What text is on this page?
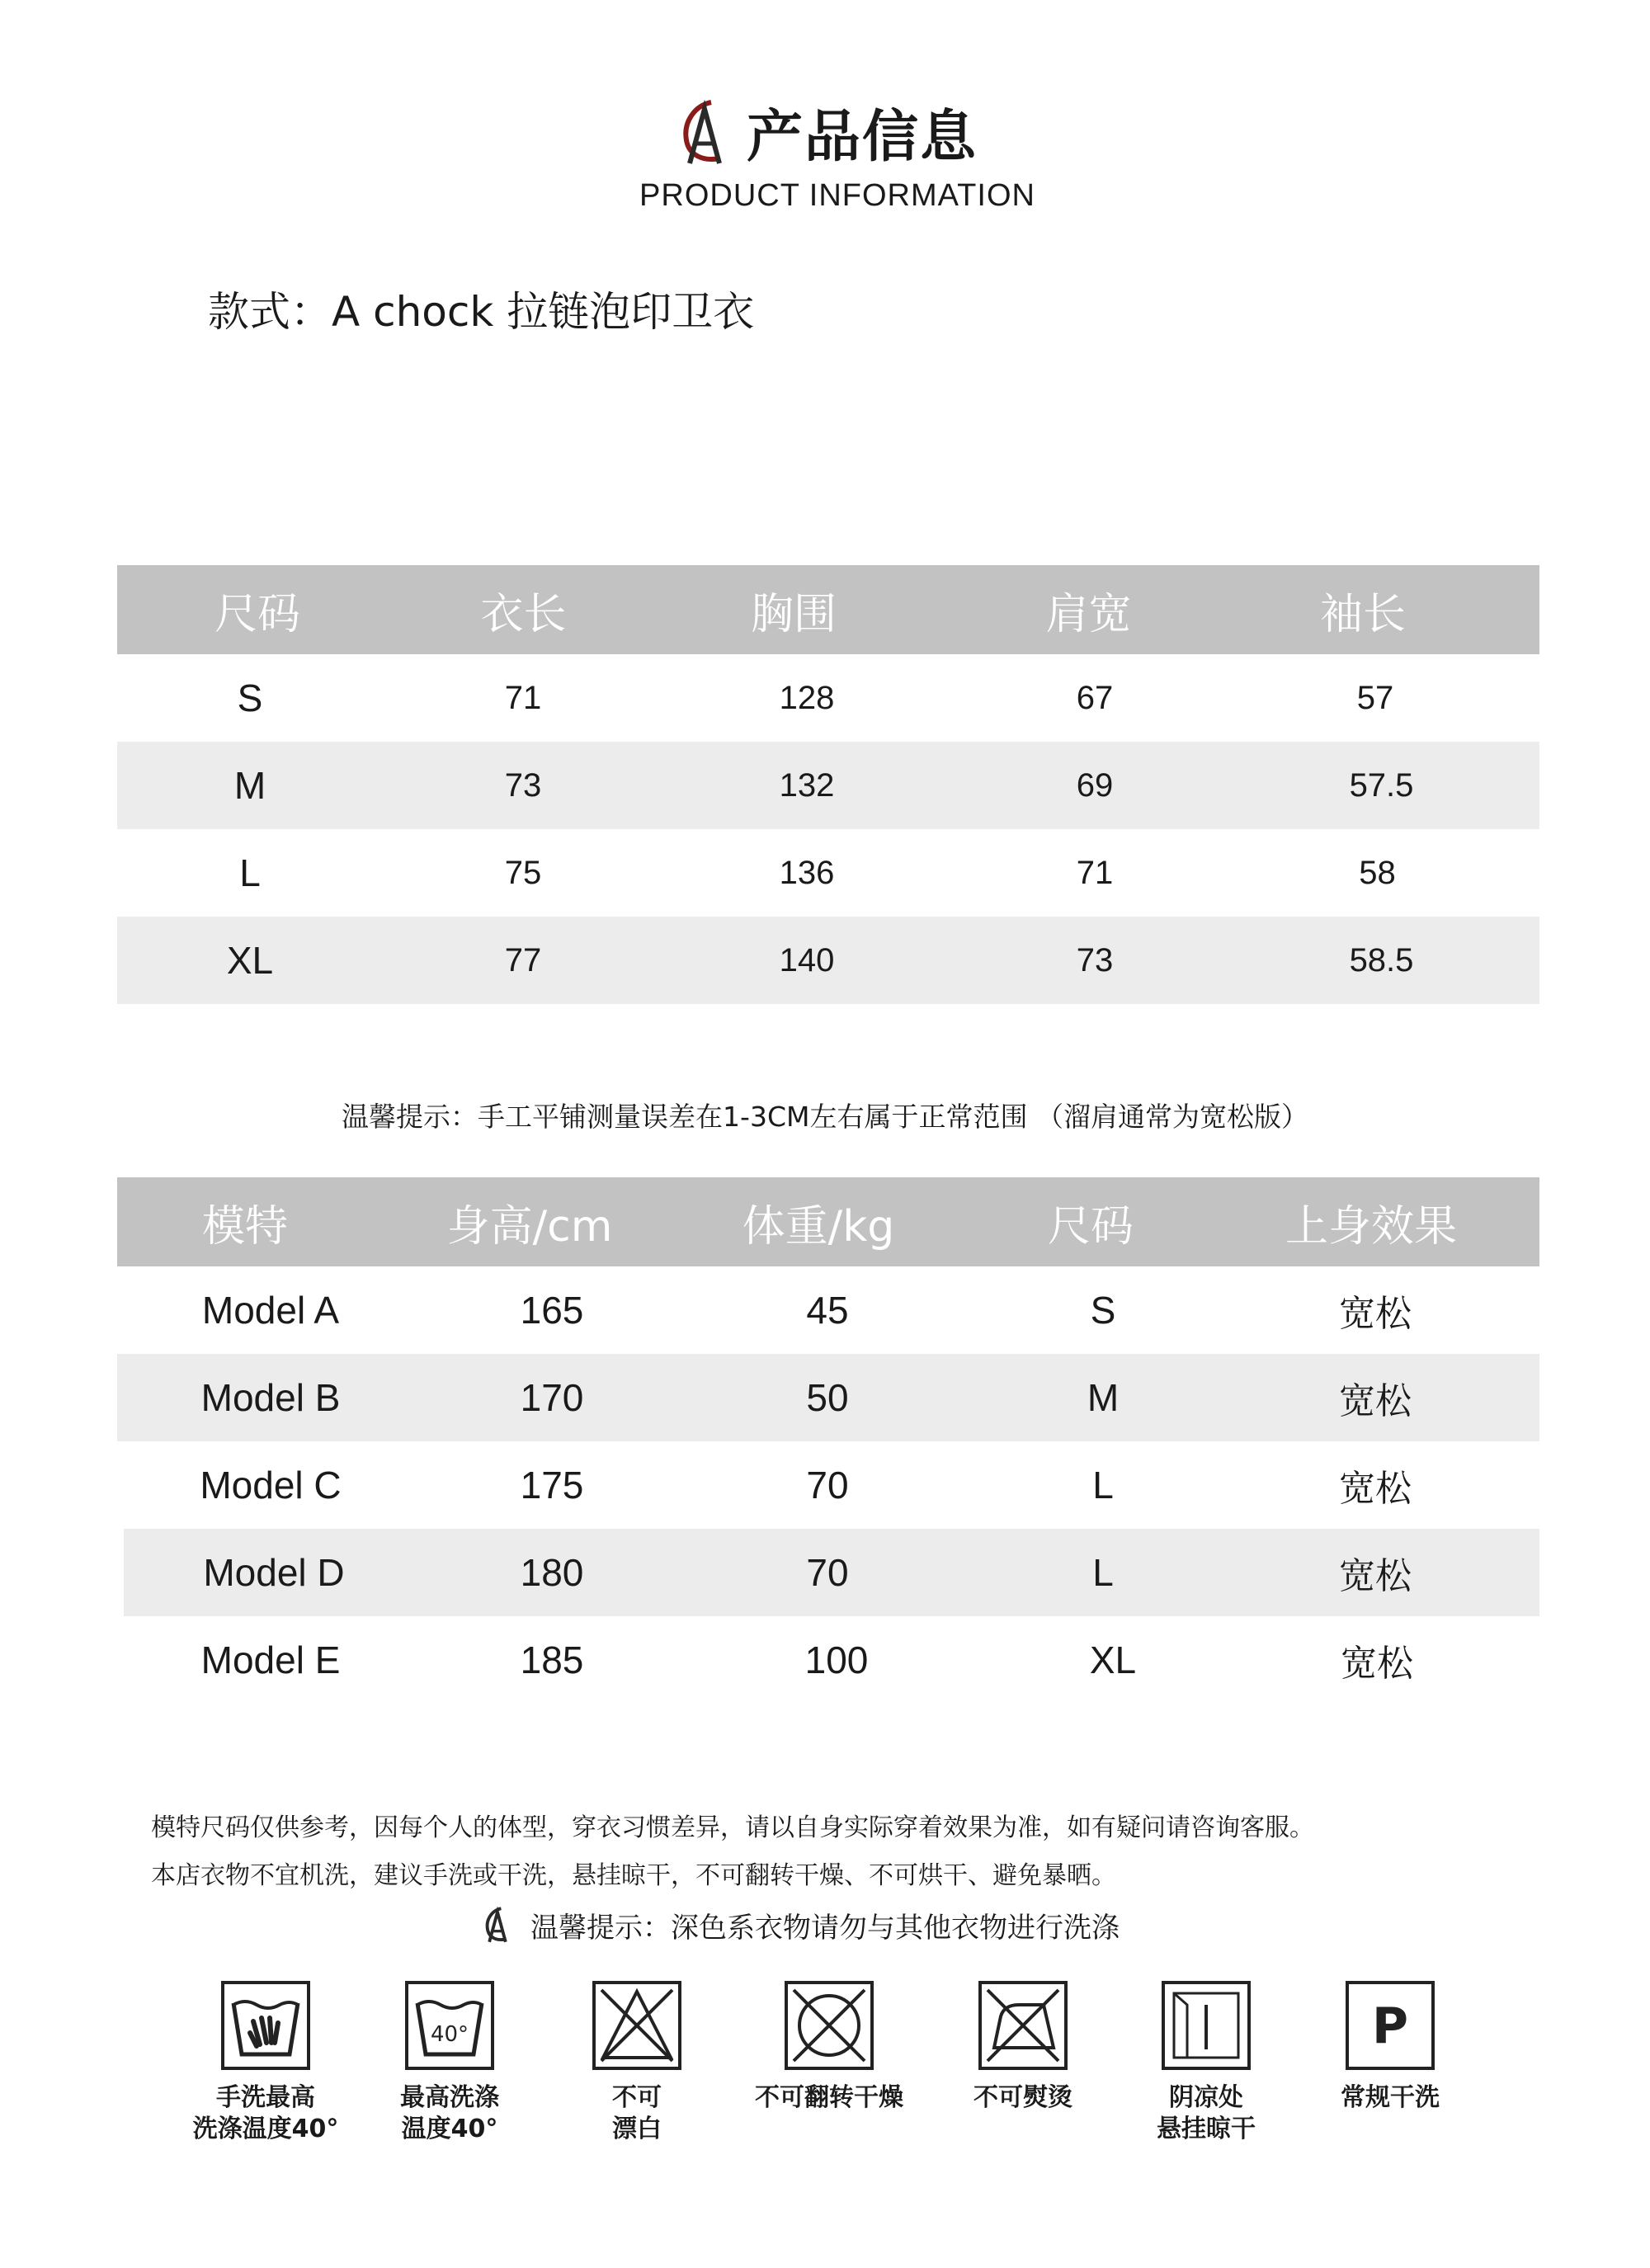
产品信息
PRODUCT INFORMATION
款式：A chock 拉链泡印卫衣
尺码	衣长	胸围	肩宽	袖长
S	71	128	67	57
M	73	132	69	57.5
L	75	136	71	58
XL	77	140	73	58.5
温馨提示：手工平铺测量误差在1-3CM左右属于正常范围 （溜肩通常为宽松版）
模特	身高/cm	体重/kg	尺码	上身效果
Model A	165	45	S	宽松
Model B	170	50	M	宽松
Model C	175	70	L	宽松
Model D	180	70	L	宽松
Model E	185	100	XL	宽松
模特尺码仅供参考，因每个人的体型，穿衣习惯差异，请以自身实际穿着效果为准，如有疑问请咨询客服。
本店衣物不宜机洗，建议手洗或干洗，悬挂晾干，不可翻转干燥、不可烘干、避免暴晒。
温馨提示：深色系衣物请勿与其他衣物进行洗涤
手洗最高
洗涤温度40°
40°
最高洗涤
温度40°
不可
漂白
不可翻转干燥	不可熨烫	阴凉处
悬挂晾干
P
常规干洗
